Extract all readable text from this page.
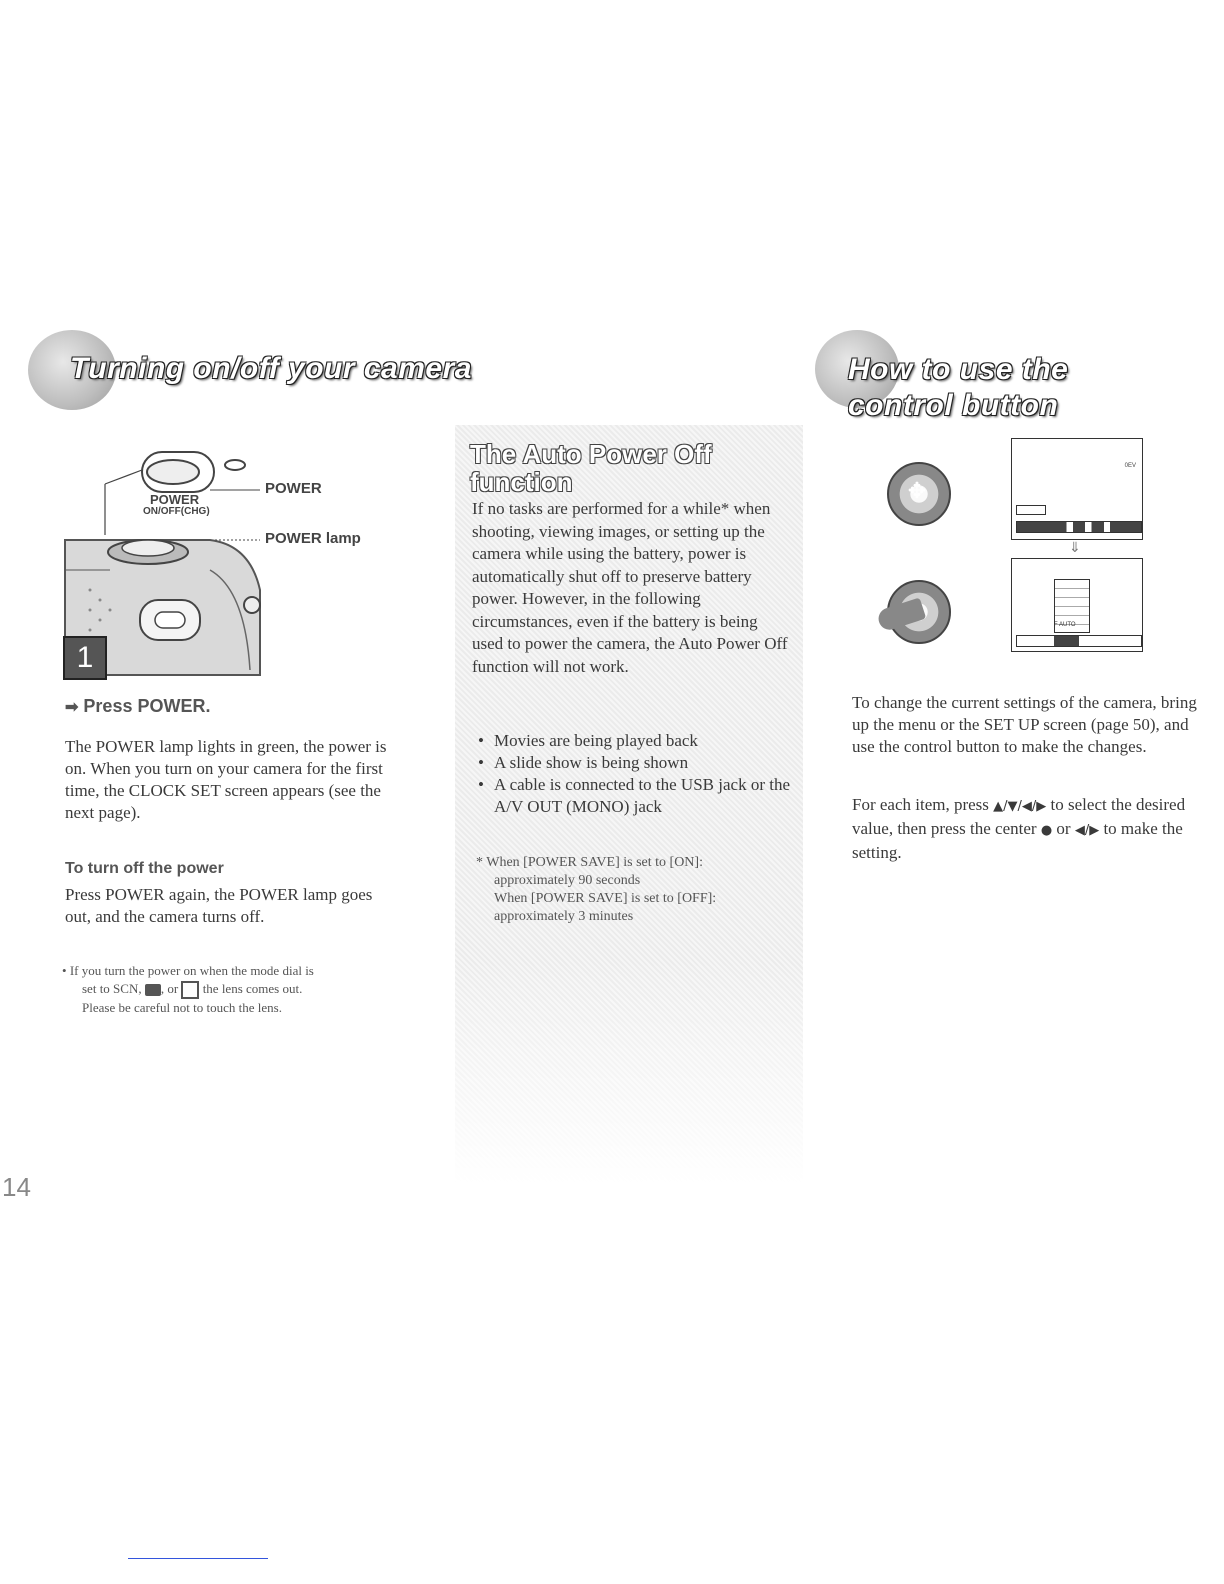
Turning on/off your camera
POWER
POWER
ON/OFF(CHG)
POWER lamp
1
➡ Press POWER.
The POWER lamp lights in green, the power is on. When you turn on your camera for the first time, the CLOCK SET screen appears (see the next page).
To turn off the power
Press POWER again, the POWER lamp goes out, and the camera turns off.
• If you turn the power on when the mode dial is
set to SCN, , or the lens comes out.
Please be careful not to touch the lens.
The Auto Power Off
function
If no tasks are performed for a while* when shooting, viewing images, or setting up the camera while using the battery, power is automatically shut off to preserve battery power. However, in the following circumstances, even if the battery is being used to power the camera, the Auto Power Off function will not work.
• Movies are being played back
• A slide show is being shown
• A cable is connected to the USB jack or the A/V OUT (MONO) jack
* When [POWER SAVE] is set to [ON]:
approximately 90 seconds
When [POWER SAVE] is set to [OFF]:
approximately 3 minutes
How to use the
control button
✥
0EV
⇓
F AUTO
To change the current settings of the camera, bring up the menu or the SET UP screen (page 50), and use the control button to make the changes.
For each item, press ▲/▼/◀/▶ to select the desired value, then press the center ● or ◀/▶ to make the setting.
14
